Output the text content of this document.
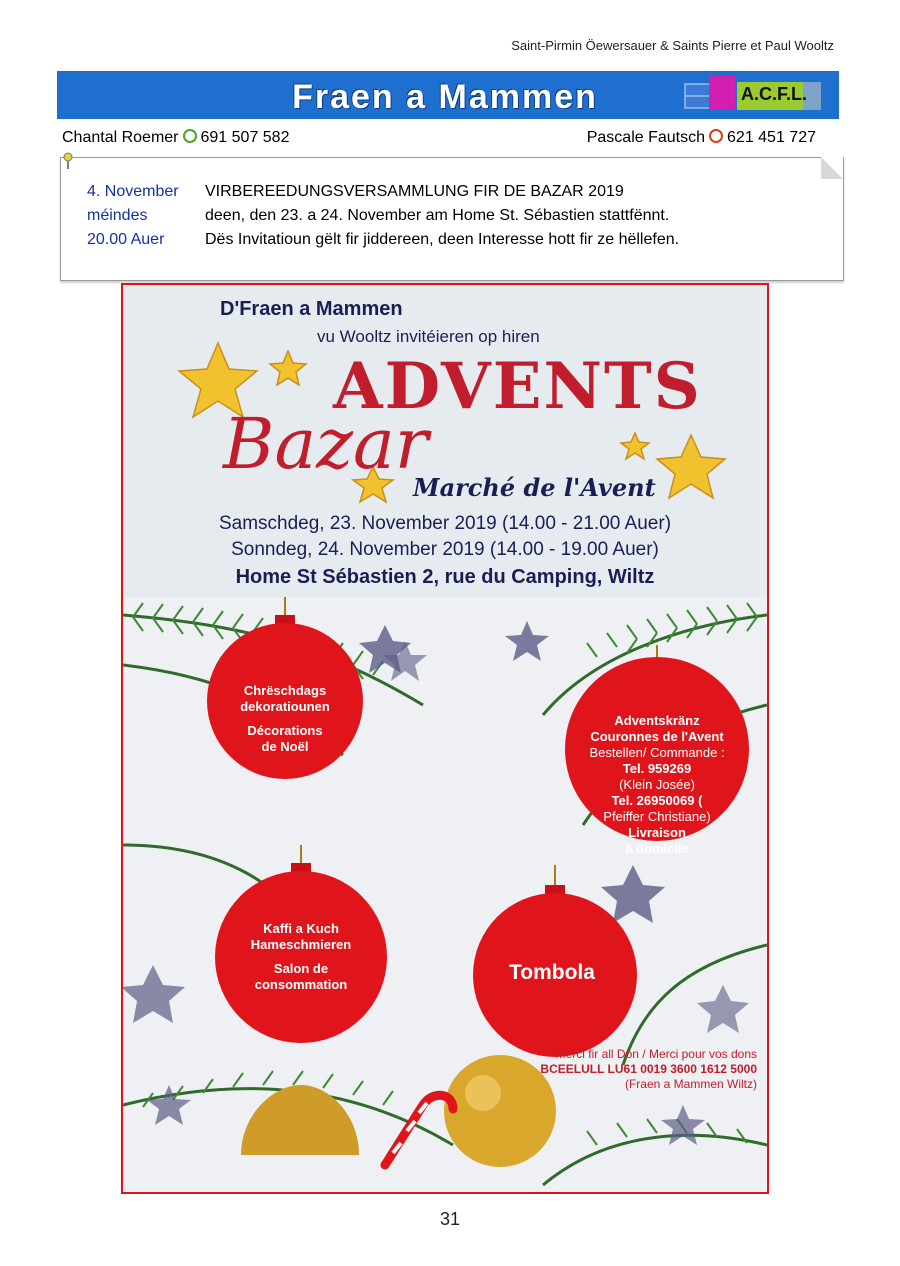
Saint-Pirmin Öewersauer & Saints Pierre et Paul Wooltz
Fraen a Mammen	A.C.F.L.
Chantal Roemer 691 507 582	Pascale Fautsch 621 451 727
4. November
méindes
20.00 Auer
VIRBEREEDUNGSVERSAMMLUNG FIR DE BAZAR 2019
deen, den 23. a 24. November am Home St. Sébastien stattfënnt.
Dës Invitatioun gëlt fir jiddereen, deen Interesse hott fir ze hëllefen.
D'Fraen a Mammen
vu Wooltz invitéieren op hiren
ADVENTS
Bazar
Marché de l'Avent
Samschdeg, 23. November 2019 (14.00 - 21.00 Auer)
Sonndeg, 24. November 2019 (14.00 - 19.00 Auer)
Home St Sébastien 2, rue du Camping, Wiltz
Chrëschdags
dekoratiounen
Décorations
de Noël
Adventskränz
Couronnes de l'Avent
Bestellen/ Commande :
Tel. 959269
(Klein Josée)
Tel. 26950069 (
Pfeiffer Christiane)
Livraison
à domicile
Kaffi a Kuch
Hameschmieren
Salon de
consommation
Tombola
Merci fir all Don / Merci pour vos dons
BCEELULL LU61 0019 3600 1612 5000
(Fraen a Mammen Wiltz)
31
